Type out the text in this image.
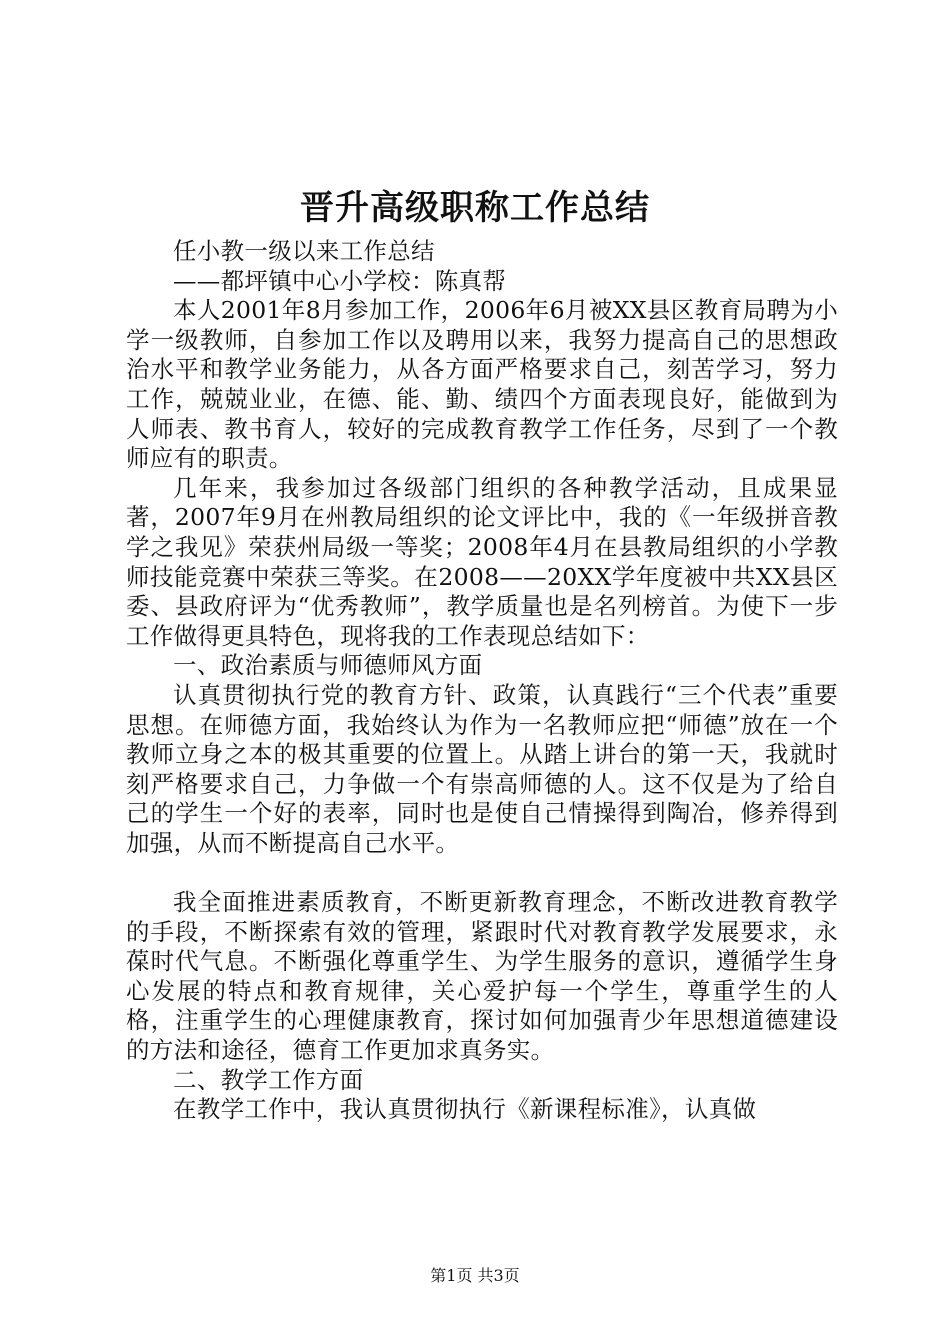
晋升高级职称工作总结

任小教一级以来工作总结

——都坪镇中心小学校：陈真帮

本人2001年8月参加工作，2006年6月被XX县区教育局聘为小学一级教师，自参加工作以及聘用以来，我努力提高自己的思想政治水平和教学业务能力，从各方面严格要求自己，刻苦学习，努力工作，兢兢业业，在德、能、勤、绩四个方面表现良好，能做到为人师表、教书育人，较好的完成教育教学工作任务，尽到了一个教师应有的职责。

几年来，我参加过各级部门组织的各种教学活动，且成果显著，2007年9月在州教局组织的论文评比中，我的《一年级拼音教学之我见》荣获州局级一等奖；2008年4月在县教局组织的小学教师技能竞赛中荣获三等奖。在2008——20XX学年度被中共XX县区委、县政府评为“优秀教师”，教学质量也是名列榜首。为使下一步工作做得更具特色，现将我的工作表现总结如下：

一、政治素质与师德师风方面

认真贯彻执行党的教育方针、政策，认真践行“三个代表”重要思想。在师德方面，我始终认为作为一名教师应把“师德”放在一个教师立身之本的极其重要的位置上。从踏上讲台的第一天，我就时刻严格要求自己，力争做一个有崇高师德的人。这不仅是为了给自己的学生一个好的表率，同时也是使自己情操得到陶冶，修养得到加强，从而不断提高自己水平。

我全面推进素质教育，不断更新教育理念，不断改进教育教学的手段，不断探索有效的管理，紧跟时代对教育教学发展要求，永葆时代气息。不断强化尊重学生、为学生服务的意识，遵循学生身心发展的特点和教育规律，关心爱护每一个学生，尊重学生的人格，注重学生的心理健康教育，探讨如何加强青少年思想道德建设的方法和途径，德育工作更加求真务实。

二、教学工作方面

在教学工作中，我认真贯彻执行《新课程标准》，认真做

第1页 共3页
